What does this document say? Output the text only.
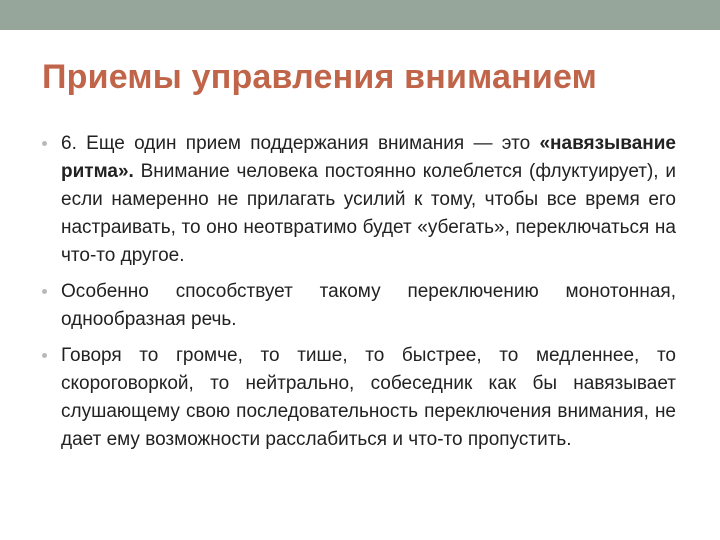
Приемы управления вниманием
6. Еще один прием поддержания внимания — это «навязывание ритма». Внимание человека постоянно колеблется (флуктуирует), и если намеренно не прилагать усилий к тому, чтобы все время его настраивать, то оно неотвратимо будет «убегать», переключаться на что-то другое.
Особенно способствует такому переключению монотонная, однообразная речь.
Говоря то громче, то тише, то быстрее, то медленнее, то скороговоркой, то нейтрально, собеседник как бы навязывает слушающему свою последовательность переключения внимания, не дает ему возможности расслабиться и что-то пропустить.
